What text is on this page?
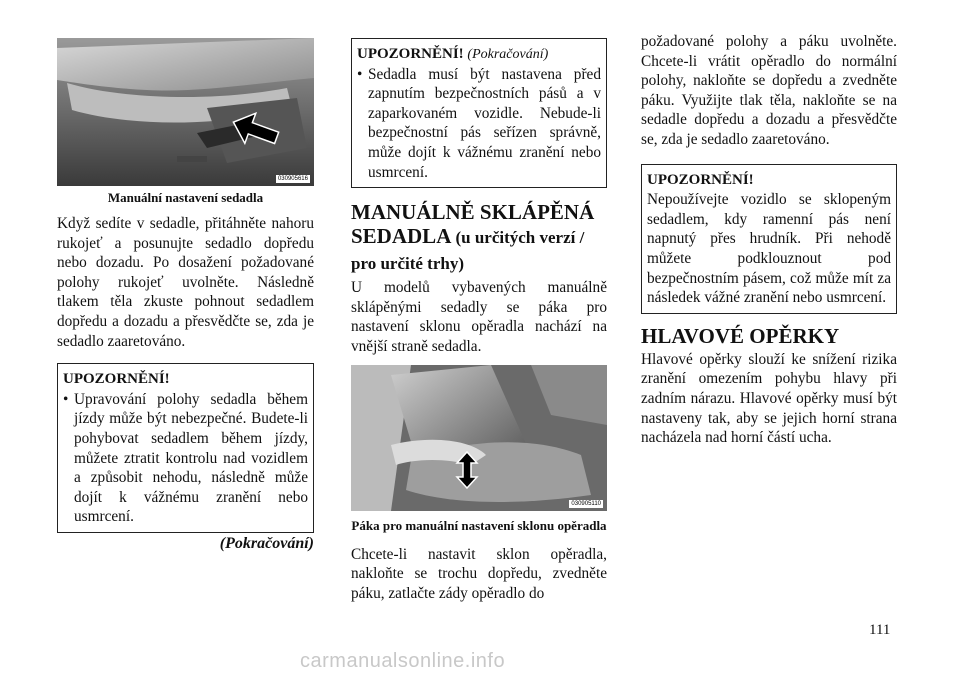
030905616
Manuální nastavení sedadla

Když sedíte v sedadle, přitáhněte nahoru rukojeť a posunujte sedadlo dopředu nebo dozadu. Po dosažení požadované polohy rukojeť uvolněte. Následně tlakem těla zkuste pohnout sedadlem dopředu a dozadu a přesvědčte se, zda je sedadlo zaaretováno.

UPOZORNĚNÍ!
• Upravování polohy sedadla během jízdy může být nebezpečné. Budete-li pohybovat sedadlem během jízdy, můžete ztratit kontrolu nad vozidlem a způsobit nehodu, následně může dojít k vážnému zranění nebo usmrcení.
(Pokračování)
UPOZORNĚNÍ! (Pokračování)
• Sedadla musí být nastavena před zapnutím bezpečnostních pásů a v zaparkovaném vozidle. Nebude-li bezpečnostní pás seřízen správně, může dojít k vážnému zranění nebo usmrcení.
MANUÁLNĚ SKLÁPĚNÁ SEDADLA (u určitých verzí / pro určité trhy)

U modelů vybavených manuálně sklápěnými sedadly se páka pro nastavení sklonu opěradla nachází na vnější straně sedadla.

030905110
Páka pro manuální nastavení sklonu opěradla

Chcete-li nastavit sklon opěradla, nakloňte se trochu dopředu, zvedněte páku, zatlačte zády opěradlo do

požadované polohy a páku uvolněte. Chcete-li vrátit opěradlo do normální polohy, nakloňte se dopředu a zvedněte páku. Využijte tlak těla, nakloňte se na sedadle dopředu a dozadu a přesvědčte se, zda je sedadlo zaaretováno.

UPOZORNĚNÍ!
Nepoužívejte vozidlo se sklopeným sedadlem, kdy ramenní pás není napnutý přes hrudník. Při nehodě můžete podklouznout pod bezpečnostním pásem, což může mít za následek vážné zranění nebo usmrcení.
HLAVOVÉ OPĚRKY

Hlavové opěrky slouží ke snížení rizika zranění omezením pohybu hlavy při zadním nárazu. Hlavové opěrky musí být nastaveny tak, aby se jejich horní strana nacházela nad horní částí ucha.

111
carmanualsonline.info
